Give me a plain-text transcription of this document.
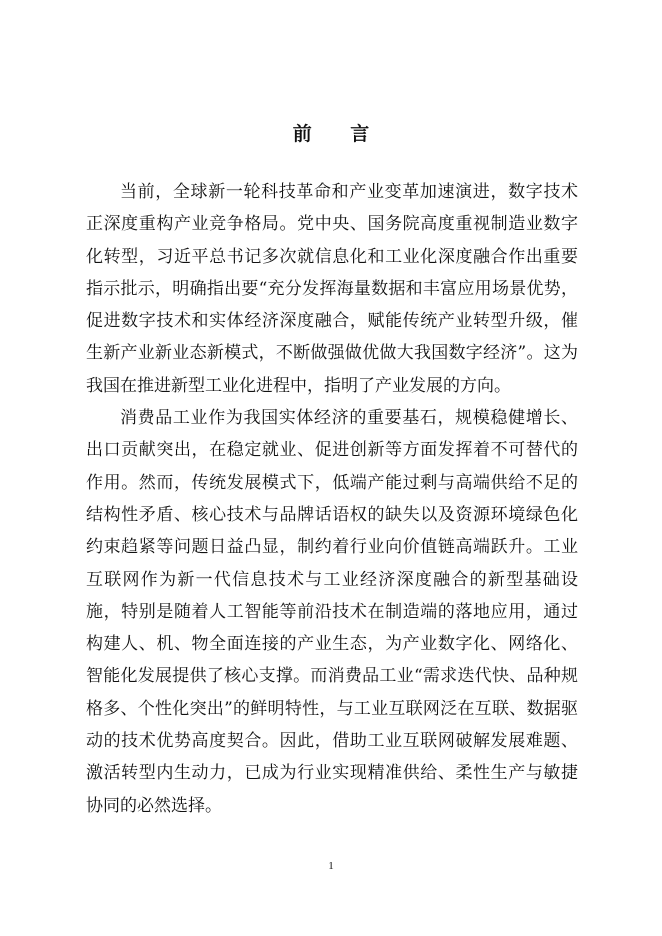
前 言

当前，全球新一轮科技革命和产业变革加速演进，数字技术正深度重构产业竞争格局。党中央、国务院高度重视制造业数字化转型，习近平总书记多次就信息化和工业化深度融合作出重要指示批示，明确指出要“充分发挥海量数据和丰富应用场景优势，促进数字技术和实体经济深度融合，赋能传统产业转型升级，催生新产业新业态新模式，不断做强做优做大我国数字经济”。这为我国在推进新型工业化进程中，指明了产业发展的方向。

消费品工业作为我国实体经济的重要基石，规模稳健增长、出口贡献突出，在稳定就业、促进创新等方面发挥着不可替代的作用。然而，传统发展模式下，低端产能过剩与高端供给不足的结构性矛盾、核心技术与品牌话语权的缺失以及资源环境绿色化约束趋紧等问题日益凸显，制约着行业向价值链高端跃升。工业互联网作为新一代信息技术与工业经济深度融合的新型基础设施，特别是随着人工智能等前沿技术在制造端的落地应用，通过构建人、机、物全面连接的产业生态，为产业数字化、网络化、智能化发展提供了核心支撑。而消费品工业“需求迭代快、品种规格多、个性化突出”的鲜明特性，与工业互联网泛在互联、数据驱动的技术优势高度契合。因此，借助工业互联网破解发展难题、激活转型内生动力，已成为行业实现精准供给、柔性生产与敏捷协同的必然选择。

1
